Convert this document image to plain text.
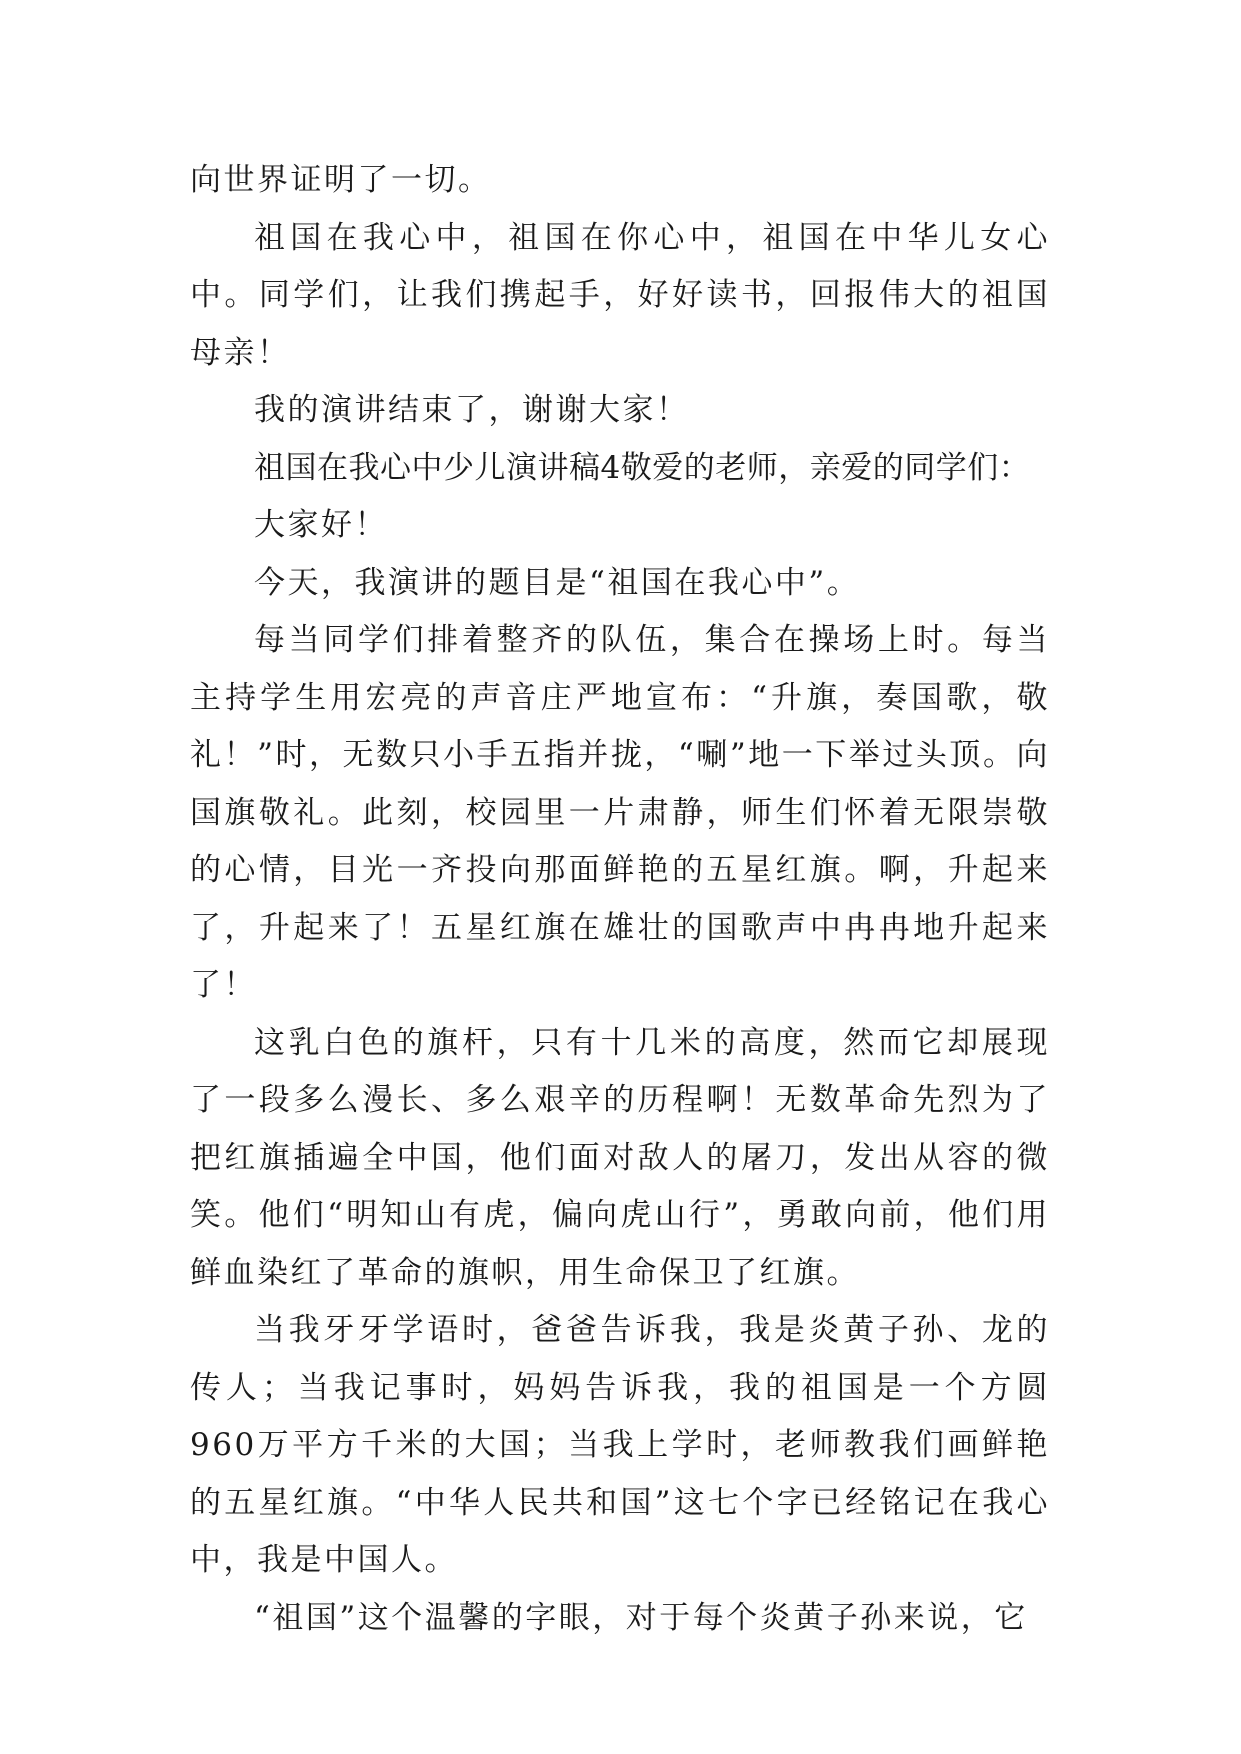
向世界证明了一切。

祖国在我心中，祖国在你心中，祖国在中华儿女心中。同学们，让我们携起手，好好读书，回报伟大的祖国母亲！

我的演讲结束了，谢谢大家！

祖国在我心中少儿演讲稿4敬爱的老师，亲爱的同学们：

大家好！

今天，我演讲的题目是“祖国在我心中”。

每当同学们排着整齐的队伍，集合在操场上时。每当主持学生用宏亮的声音庄严地宣布：“升旗，奏国歌，敬礼！”时，无数只小手五指并拢，“唰”地一下举过头顶。向国旗敬礼。此刻，校园里一片肃静，师生们怀着无限崇敬的心情，目光一齐投向那面鲜艳的五星红旗。啊，升起来了，升起来了！五星红旗在雄壮的国歌声中冉冉地升起来了！

这乳白色的旗杆，只有十几米的高度，然而它却展现了一段多么漫长、多么艰辛的历程啊！无数革命先烈为了把红旗插遍全中国，他们面对敌人的屠刀，发出从容的微笑。他们“明知山有虎，偏向虎山行”，勇敢向前，他们用鲜血染红了革命的旗帜，用生命保卫了红旗。

当我牙牙学语时，爸爸告诉我，我是炎黄子孙、龙的传人；当我记事时，妈妈告诉我，我的祖国是一个方圆960万平方千米的大国；当我上学时，老师教我们画鲜艳的五星红旗。“中华人民共和国”这七个字已经铭记在我心中，我是中国人。

“祖国”这个温馨的字眼，对于每个炎黄子孙来说，它
